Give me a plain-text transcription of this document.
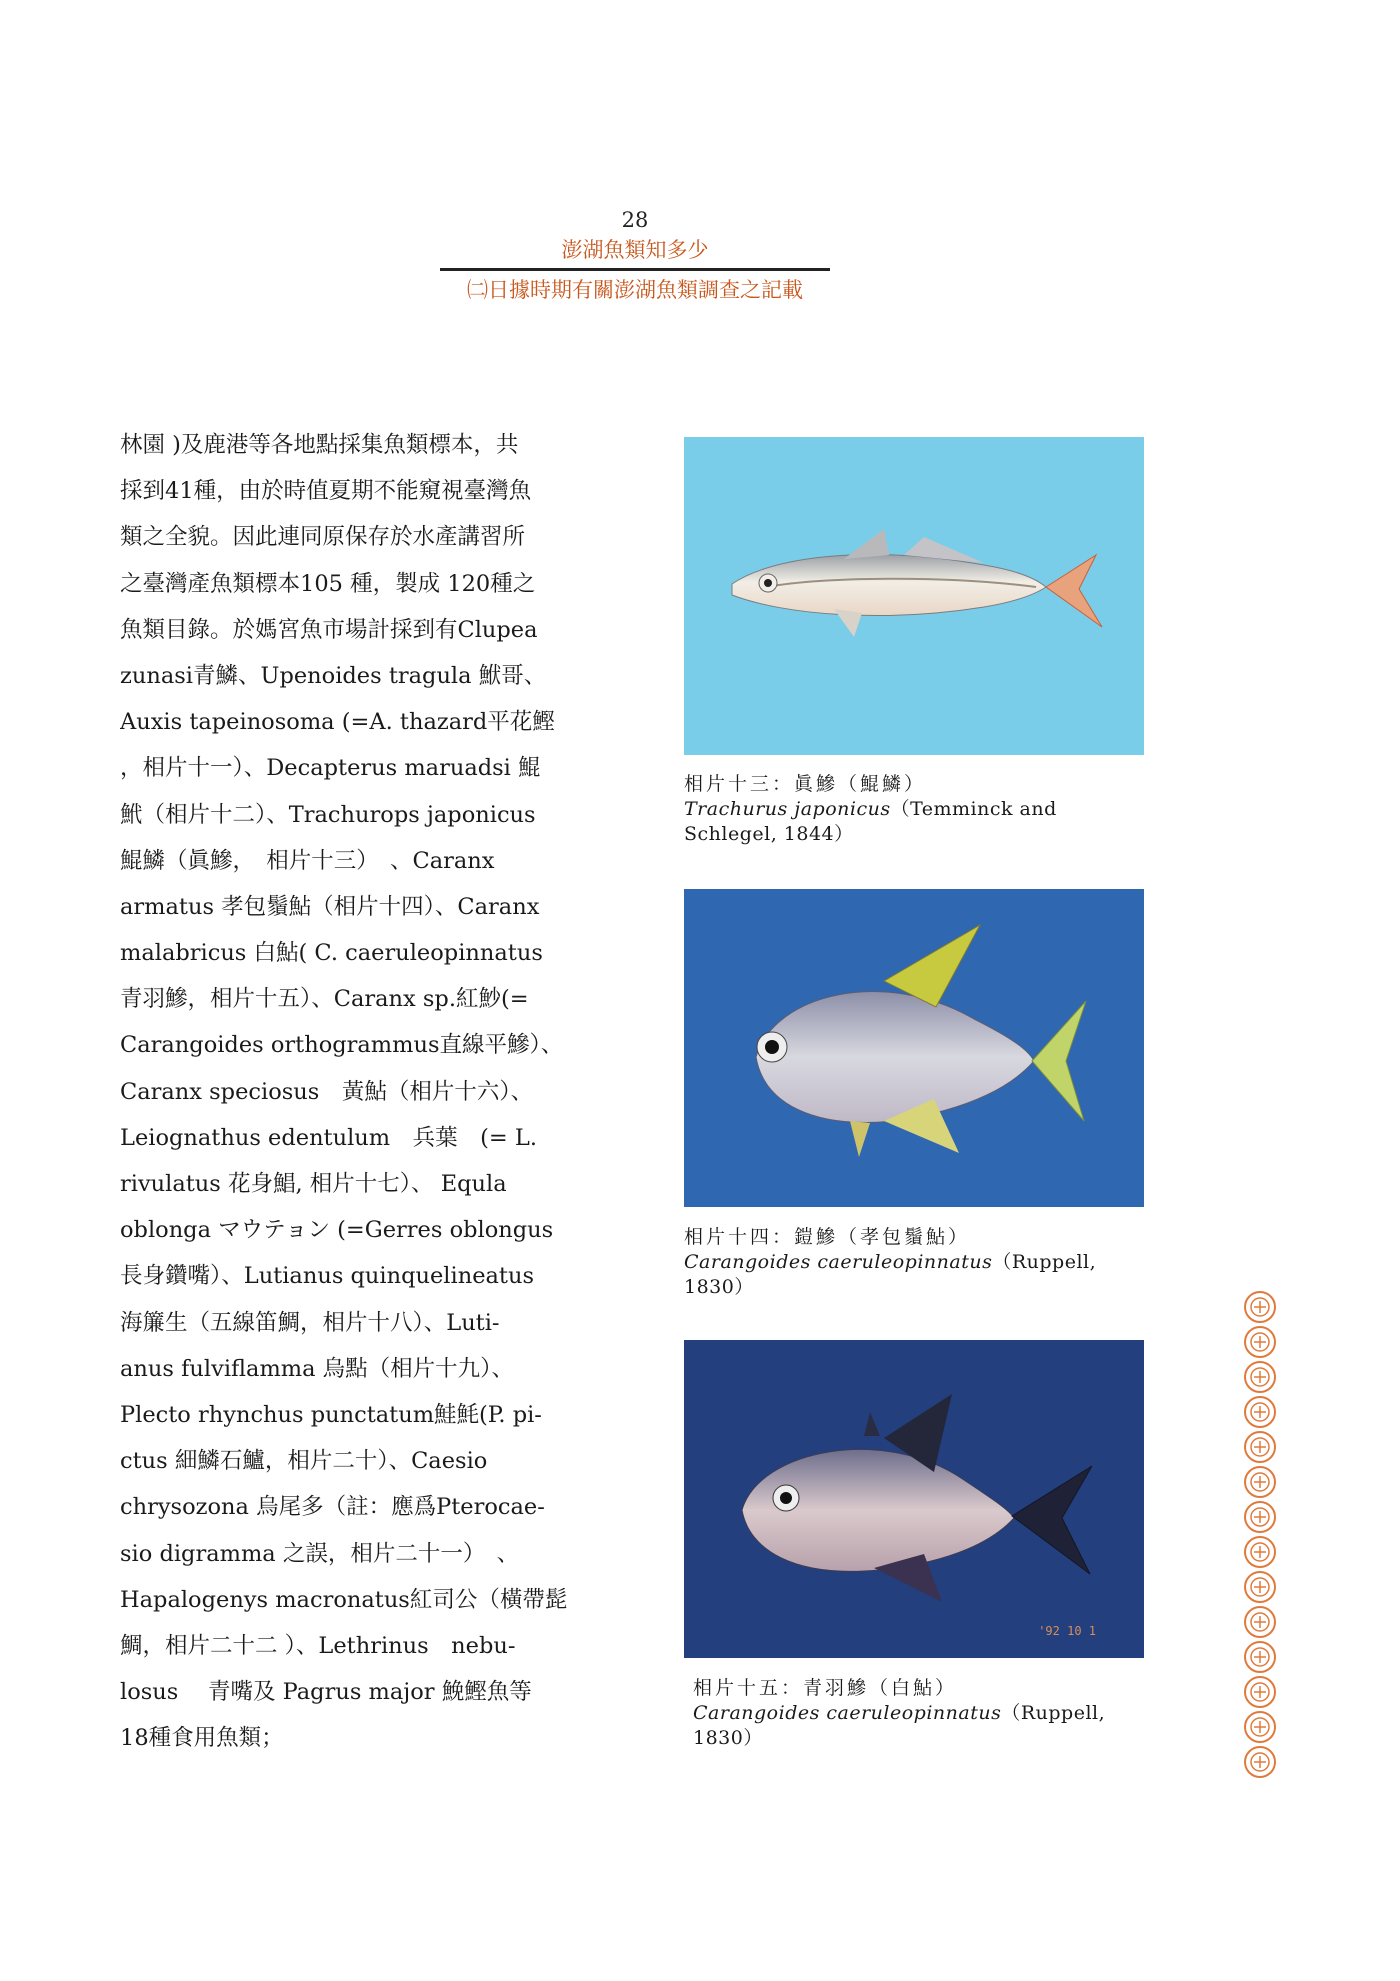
28
澎湖魚類知多少
㈡日據時期有關澎湖魚類調查之記載
林園 )及鹿港等各地點採集魚類標本，共
採到41種，由於時值夏期不能窺視臺灣魚
類之全貌。因此連同原保存於水產講習所
之臺灣產魚類標本105 種，製成 120種之
魚類目錄。於媽宮魚市場計採到有Clupea
zunasi青鱗、Upenoides tragula 鮲哥、
Auxis tapeinosoma (=A. thazard平花鰹
，相片十一）、Decapterus maruadsi 鯤
鮘（相片十二）、Trachurops japonicus
鯤鱗（眞鰺，　相片十三）　、Caranx
armatus 孝包鬚鮎（相片十四）、Caranx
malabricus 白鮎( C. caeruleopinnatus
青羽鰺，相片十五）、Caranx sp.紅魦(=
Carangoides orthogrammus直線平鰺）、
Caranx speciosus　黃鮎（相片十六）、
Leiognathus edentulum　兵葉　(= L.
rivulatus 花身鯧, 相片十七）、 Equla
oblonga マウテョン (=Gerres oblongus
長身鑽嘴）、Lutianus quinquelineatus
海簾生（五線笛鯛，相片十八）、Luti-
anus fulviflamma 烏點（相片十九）、
Plecto rhynchus punctatum鮭魹(P. pi-
ctus 細鱗石鱸，相片二十）、Caesio
chrysozona 烏尾多（註：應爲Pterocae-
sio digramma 之誤，相片二十一）　、
Hapalogenys macronatus紅司公（橫帶髭
鯛，相片二十二 ）、Lethrinus　nebu-
losus　 青嘴及 Pagrus major 鮸鰹魚等
18種食用魚類；
相片十三：眞鰺（鯤鱗）
Trachurus japonicus（Temminck and
Schlegel, 1844）
相片十四：鎧鰺（孝包鬚鮎）
Carangoides caeruleopinnatus（Ruppell,
1830）
'92 10 1
相片十五：青羽鰺（白鮎）
Carangoides caeruleopinnatus（Ruppell,
1830）
